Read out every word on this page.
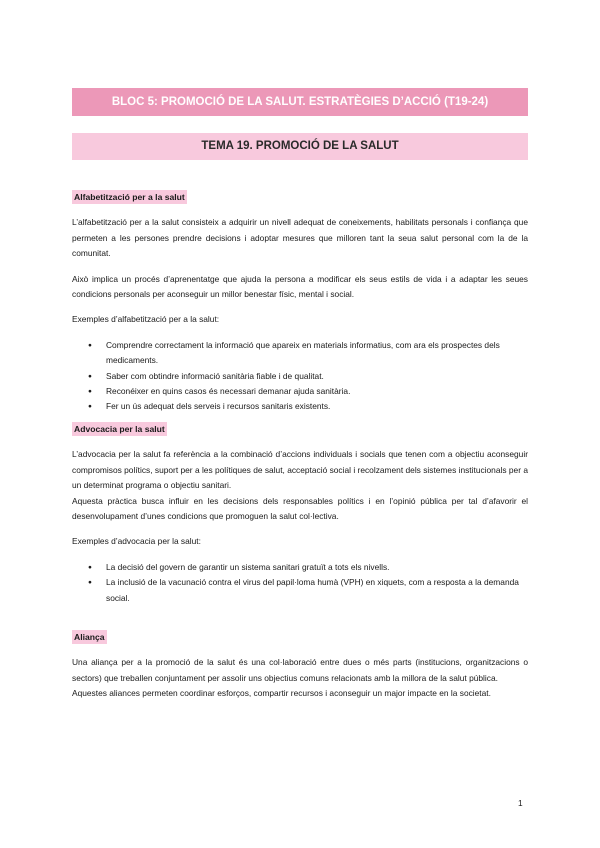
BLOC 5: PROMOCIÓ DE LA SALUT. ESTRATÈGIES D’ACCIÓ (T19-24)
TEMA 19. PROMOCIÓ DE LA SALUT
Alfabetització per a la salut

L’alfabetització per a la salut consisteix a adquirir un nivell adequat de coneixements, habilitats personals i confiança que permeten a les persones prendre decisions i adoptar mesures que milloren tant la seua salut personal com la de la comunitat.

Això implica un procés d’aprenentatge que ajuda la persona a modificar els seus estils de vida i a adaptar les seues condicions personals per aconseguir un millor benestar físic, mental i social.

Exemples d’alfabetització per a la salut:

● Comprendre correctament la informació que apareix en materials informatius, com ara els prospectes dels medicaments.
● Saber com obtindre informació sanitària fiable i de qualitat.
● Reconéixer en quins casos és necessari demanar ajuda sanitària.
● Fer un ús adequat dels serveis i recursos sanitaris existents.
Advocacia per la salut

L’advocacia per la salut fa referència a la combinació d’accions individuals i socials que tenen com a objectiu aconseguir compromisos polítics, suport per a les polítiques de salut, acceptació social i recolzament dels sistemes institucionals per a un determinat programa o objectiu sanitari.

Aquesta pràctica busca influir en les decisions dels responsables polítics i en l’opinió pública per tal d’afavorir el desenvolupament d’unes condicions que promoguen la salut col·lectiva.

Exemples d’advocacia per la salut:

● La decisió del govern de garantir un sistema sanitari gratuït a tots els nivells.
● La inclusió de la vacunació contra el virus del papil·loma humà (VPH) en xiquets, com a resposta a la demanda social.
Aliança

Una aliança per a la promoció de la salut és una col·laboració entre dues o més parts (institucions, organitzacions o sectors) que treballen conjuntament per assolir uns objectius comuns relacionats amb la millora de la salut pública.

Aquestes aliances permeten coordinar esforços, compartir recursos i aconseguir un major impacte en la societat.

1
